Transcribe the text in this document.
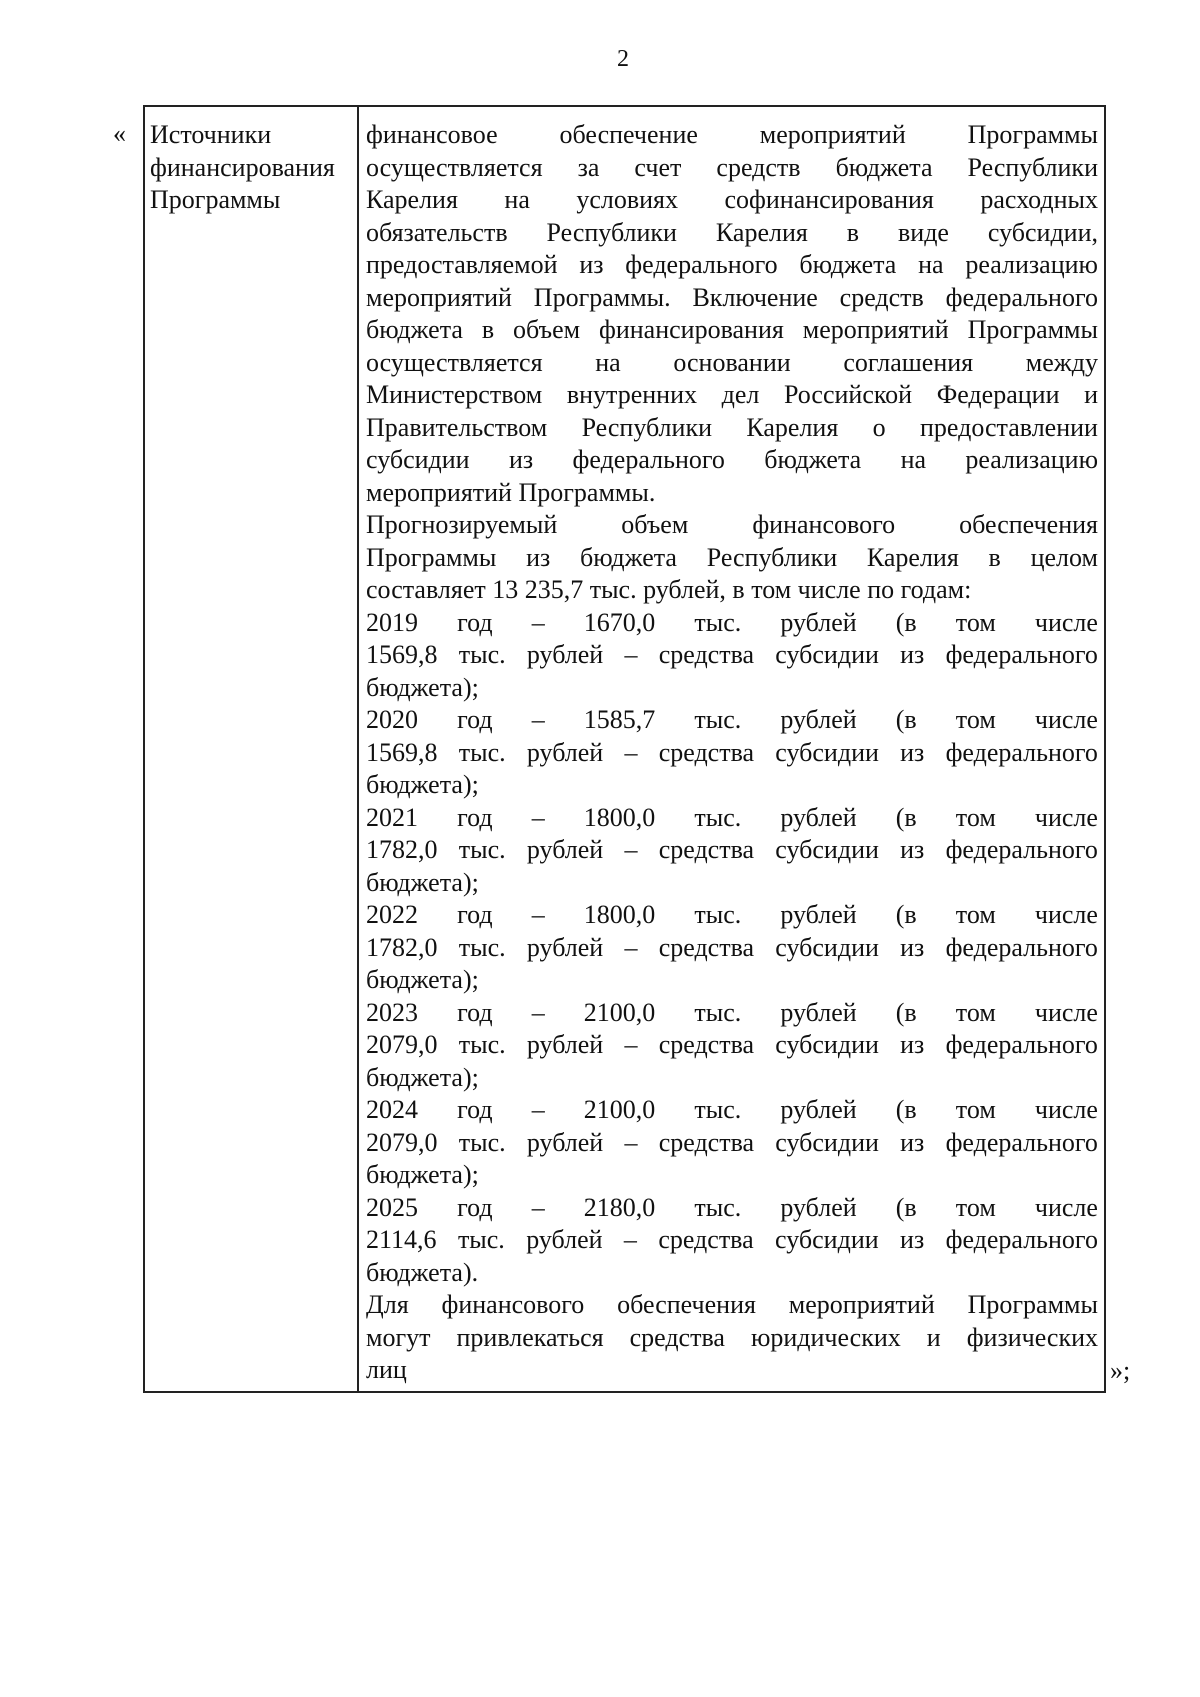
2
« Источники
финансирования
Программы
финансовое обеспечение мероприятий Программы
осуществляется за счет средств бюджета Республики
Карелия на условиях софинансирования расходных
обязательств Республики Карелия в виде субсидии,
предоставляемой из федерального бюджета на реализацию
мероприятий Программы. Включение средств федерального
бюджета в объем финансирования мероприятий Программы
осуществляется на основании соглашения между
Министерством внутренних дел Российской Федерации и
Правительством Республики Карелия о предоставлении
субсидии из федерального бюджета на реализацию
мероприятий Программы.
Прогнозируемый объем финансового обеспечения
Программы из бюджета Республики Карелия в целом
составляет 13 235,7 тыс. рублей, в том числе по годам:
2019 год – 1670,0 тыс. рублей (в том числе
1569,8 тыс. рублей – средства субсидии из федерального
бюджета);
2020 год – 1585,7 тыс. рублей (в том числе
1569,8 тыс. рублей – средства субсидии из федерального
бюджета);
2021 год – 1800,0 тыс. рублей (в том числе
1782,0 тыс. рублей – средства субсидии из федерального
бюджета);
2022 год – 1800,0 тыс. рублей (в том числе
1782,0 тыс. рублей – средства субсидии из федерального
бюджета);
2023 год – 2100,0 тыс. рублей (в том числе
2079,0 тыс. рублей – средства субсидии из федерального
бюджета);
2024 год – 2100,0 тыс. рублей (в том числе
2079,0 тыс. рублей – средства субсидии из федерального
бюджета);
2025 год – 2180,0 тыс. рублей (в том числе
2114,6 тыс. рублей – средства субсидии из федерального
бюджета).
Для финансового обеспечения мероприятий Программы
могут привлекаться средства юридических и физических
лиц	»;
